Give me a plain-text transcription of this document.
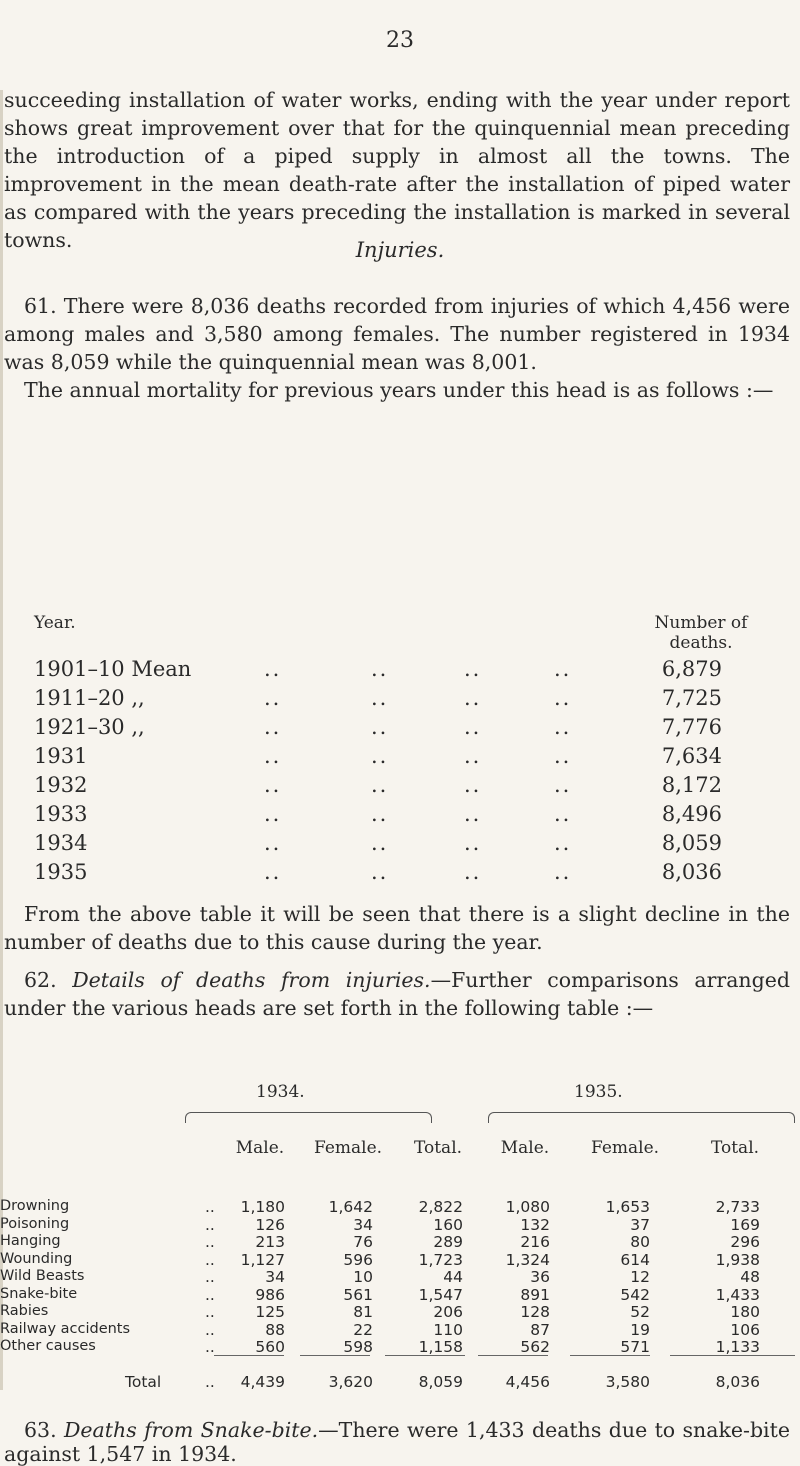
23

succeeding installation of water works, ending with the year under report shows great improvement over that for the quinquennial mean preceding the introduction of a piped supply in almost all the towns. The improvement in the mean death-rate after the installation of piped water as compared with the years preceding the installation is marked in several towns.	Injuries.

61. There were 8,036 deaths recorded from injuries of which 4,456 were among males and 3,580 among females. The number registered in 1934 was 8,059 while the quinquennial mean was 8,001.

The annual mortality for previous years under this head is as follows :—

Year.	Number of
deaths.
1901–10 Mean	..	..	..	..	6,879
1911–20 ,,	..	..	..	..	7,725
1921–30 ,,	..	..	..	..	7,776
1931	..	..	..	..	7,634
1932	..	..	..	..	8,172
1933	..	..	..	..	8,496
1934	..	..	..	..	8,059
1935	..	..	..	..	8,036

From the above table it will be seen that there is a slight decline in the number of deaths due to this cause during the year.

62. Details of deaths from injuries.—Further comparisons arranged under the various heads are set forth in the following table :—

1934.	1935.
Male.	Female.	Total.	Male.	Female.	Total.
Drowning	..	1,180	1,642	2,822	1,080	1,653	2,733
Poisoning	..	126	34	160	132	37	169
Hanging	..	213	76	289	216	80	296
Wounding	..	1,127	596	1,723	1,324	614	1,938
Wild Beasts	..	34	10	44	36	12	48
Snake-bite	..	986	561	1,547	891	542	1,433
Rabies	..	125	81	206	128	52	180
Railway accidents	..	88	22	110	87	19	106
Other causes	..	560	598	1,158	562	571	1,133
Total	..	4,439	3,620	8,059	4,456	3,580	8,036

63. Deaths from Snake-bite.—There were 1,433 deaths due to snake-bite against 1,547 in 1934.
